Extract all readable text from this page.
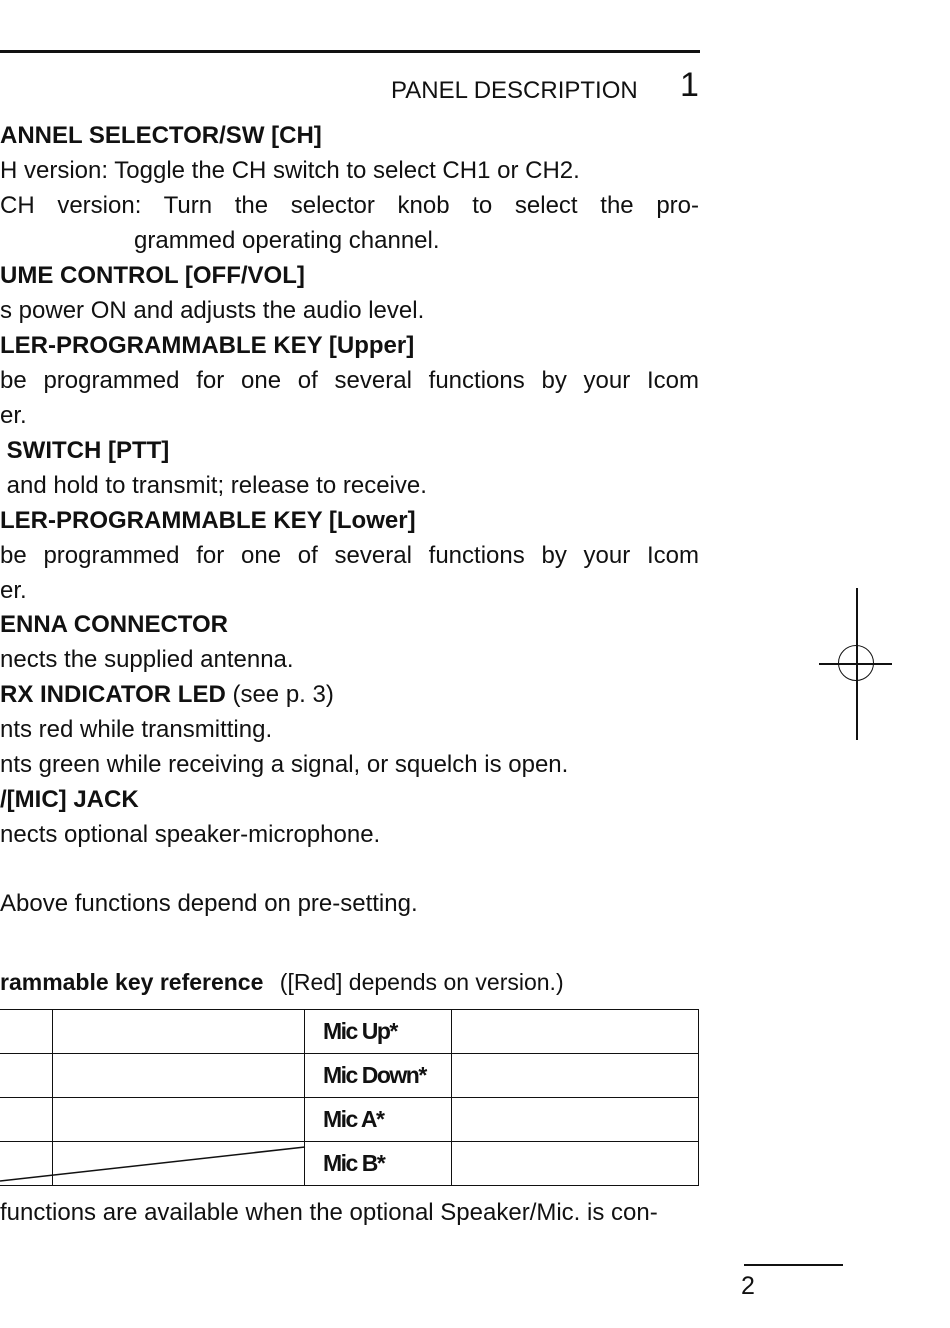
PANEL DESCRIPTION 1
ANNEL SELECTOR/SW [CH]
H version: Toggle the CH switch to select CH1 or CH2.
CH version: Turn the selector knob to select the pro-
grammed operating channel.
UME CONTROL [OFF/VOL]
s power ON and adjusts the audio level.
LER-PROGRAMMABLE KEY [Upper]
be programmed for one of several functions by your Icom
er.
SWITCH [PTT]
and hold to transmit; release to receive.
LER-PROGRAMMABLE KEY [Lower]
be programmed for one of several functions by your Icom
er.
ENNA CONNECTOR
nects the supplied antenna.
RX INDICATOR LED (see p. 3)
nts red while transmitting.
nts green while receiving a signal, or squelch is open.
/[MIC] JACK
nects optional speaker-microphone.
Above functions depend on pre-setting.
rammable key reference ([Red] depends on version.)
		Mic Up*	
		Mic Down*	
		Mic A*	
		Mic B*	
functions are available when the optional Speaker/Mic. is con-
2
